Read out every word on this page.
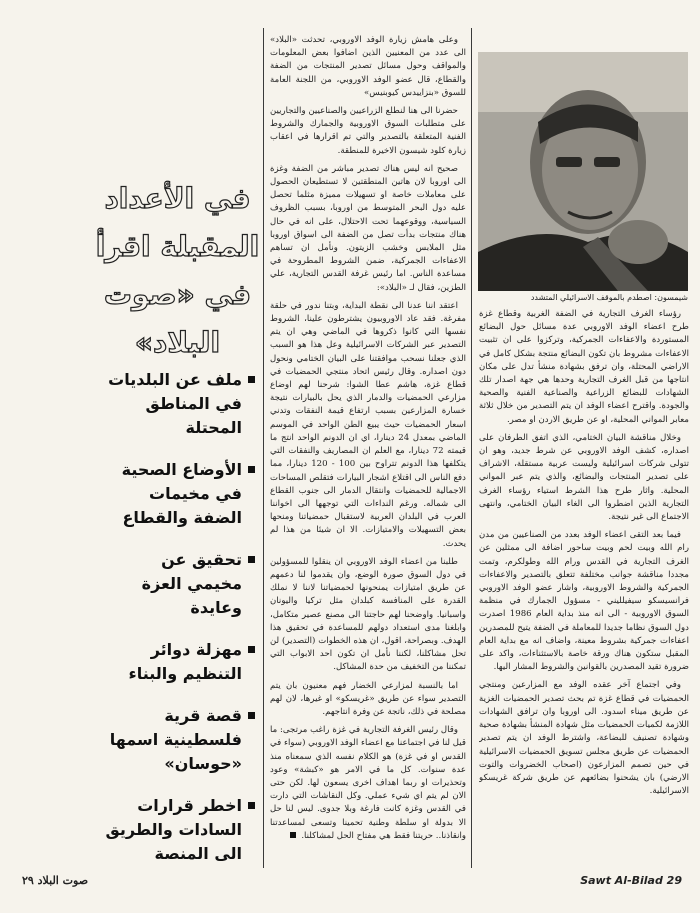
شيمسون: اصطدم بالموقف الاسرائيلي المتشدد

رؤساء الغرف التجارية في الضفة الغربية وقطاع غزة طرح اعضاء الوفد الاوروبي عدة مسائل حول البضائع المستوردة والاعفاءات الجمركية، وتركزوا على ان تثبيت الاعفاءات مشروط بان تكون البضائع منتجة بشكل كامل في الاراضي المحتلة، وان ترفق بشهادة منشأ تدل على مكان انتاجها من قبل الغرف التجارية وحدها هي جهة اصدار تلك الشهادات للبضائع الزراعية والصناعية الفنية والصحية والجودة. واقترح اعضاء الوفد ان يتم التصدير من خلال ثلاثة معابر المواني المحلية، او عن طريق الاردن او مصر.

وخلال مناقشة البيان الختامي، الذي اتفق الطرفان على اصداره، كشف الوفد الاوروبي عن شرط جديد، وهو ان تتولى شركات اسرائيلية وليست عربية مستقلة، الاشراف على تصدير المنتجات والبضائع، والذي يتم عبر المواني المحلية. واثار طرح هذا الشرط استياء رؤساء الغرف التجارية الذين اضطروا الى الغاء البيان الختامي، وانتهى الاجتماع الى غير نتيجة.

فيما بعد التقى اعضاء الوفد بعدد من الصناعيين من مدن رام الله وبيت لحم وبيت ساحور اضافة الى ممثلين عن الغرف التجارية في القدس ورام الله وطولكرم، وتمت مجددا مناقشة جوانب مختلفة تتعلق بالتصدير والاعفاءات الجمركية والشروط الاوروبية، واشار عضو الوفد الاوروبي فرانسيسكو سيفيلليني - مسؤول الجمارك في منظمة السوق الاوروبية - الى انه منذ بداية العام 1986 اصدرت دول السوق نظاما جديدا للمعاملة في الضفة يتيح للمصدرين اعفاءات جمركية بشروط معينة، واضاف انه مع بداية العام المقبل ستكون هناك ورقة خاصة بالاستثناءات، واكد على ضرورة تقيد المصدرين بالقوانين والشروط المشار اليها.

وفي اجتماع آخر عقده الوفد مع المزارعين ومنتجي الحمضيات في قطاع غزة تم بحث تصدير الحمضيات الغزية عن طريق ميناء اسدود. الى اوروبا وان ترافق الشهادات اللازمة لكميات الحمضيات مثل شهادة المنشأ بشهادة صحية وشهادة تصنيف للبضاعة، واشترط الوفد ان يتم تصدير الحمضيات عن طريق مجلس تسويق الحمضيات الاسرائيلية في حين تصمم المزارعون (اصحاب الخضروات والتوت الارضي) بان يشحنوا بضائعهم عن طريق شركة غريسكو الاسرائيلية.

وعلى هامش زيارة الوفد الاوروبي، تحدثت «البلاد» الى عدد من المعنيين الذين اضافوا بعض المعلومات والمواقف وحول مسائل تصدير المنتجات من الضفة والقطاع، قال عضو الوفد الاوروبي، من اللجنة العامة للسوق «بنزاييدس كيوبنيس»

حضرنا الى هنا لنطلع الزراعيين والصناعيين والتجاريين على متطلبات السوق الاوروبية والجمارك والشروط الفنية المتعلقة بالتصدير والتي تم اقرارها في اعقاب زيارة كلود شيسون الاخيرة للمنطقة.

صحيح انه ليس هناك تصدير مباشر من الضفة وغزة الى اوروبا لان هاتين المنطقتين لا تستطيعان الحصول على معاملات خاصة او تسهيلات مميزة مثلما تحصل عليه دول البحر المتوسط من اوروبا، بسبب الظروف السياسية، ووقوعهما تحت الاحتلال، على انه في حال هناك منتجات بدأت تصل من الضفة الى اسواق اوروبا مثل الملابس وخشب الزيتون. ونأمل ان تساهم الاعفاءات الجمركية، ضمن الشروط المطروحة في مساعدة الناس. اما رئيس غرفة القدس التجارية، علي الطزين، فقال لـ «البلاد»:

اعتقد اننا عدنا الى نقطة البداية، وبتنا ندور في حلقة مفرغة. فقد عاد الاوروبيون يشترطون علينا، الشروط نفسها التي كانوا ذكروها في الماضي وهي ان يتم التصدير عبر الشركات الاسرائيلية وعل هذا هو السبب الذي جعلنا نسحب موافقتنا على البيان الختامي ونحول دون اصداره. وقال رئيس اتحاد منتجي الحمضيات في قطاع غزة، هاشم عطا الشوا: شرحنا لهم اوضاع مزارعي الحمضيات والدمار الذي يحل بالبيارات نتيجة خسارة المزارعين بسبب ارتفاع قيمة النفقات وتدني اسعار الحمضيات حيث يبيع الطن الواحد في الموسم الماضي بمعدل 24 دينارا، اي ان الدونم الواحد انتج ما قيمته 72 دينارا، مع العلم ان المصاريف والنفقات التي يتكلفها هذا الدونم تتراوح بين 100 - 120 دينارا، مما دفع الناس الى اقتلاع اشجار البيارات فتقلص المساحات الاجمالية للحمضيات وانتقال الدمار الى جنوب القطاع الى شماله. ورغم النداءات التي توجهها الى اخواننا العرب في البلدان العربية لاستقبال حمضياتنا ومنحها بعض التسهيلات والامتيازات. الا ان شيئا من هذا لم يحدث.

طلبنا من اعضاء الوفد الاوروبي ان ينقلوا للمسؤولين في دول السوق صورة الوضع، وان يقدموا لنا دعمهم عن طريق امتيازات يمنحونها لحمضياتنا لاننا لا نملك القدرة على المنافسة كبلدان مثل تركيا واليونان واسبانيا. واوضحنا لهم حاجتنا الى مصنع عصير متكامل، وابلغنا مدى استعداد دولهم للمساعدة في تحقيق هذا الهدف. وبصراحة، اقول، ان هذه الخطوات (التصدير) لن تحل مشاكلنا، لكننا نأمل ان تكون احد الابواب التي تمكننا من التخفيف من حدة المشاكل.

اما بالنسبة لمزارعي الخضار فهم معنيون بان يتم التصدير سواء عن طريق «غريسكو» او غيرها، لان لهم مصلحة في ذلك، ناتجة عن وفرة انتاجهم.

وقال رئيس الغرفة التجارية في غزة راغب مرتجى: ما قيل لنا في اجتماعنا مع اعضاء الوفد الاوروبي (سواء في القدس او في غزة) هو الكلام نفسه الذي سمعناه منذ عدة سنوات. كل ما في الامر هو «كبشة» وعود وتحذيرات او ربما اهداف اخرى يسعون لها. لكن حتى الان لم يتم اي شيء عملي. وكل النقاشات التي دارت في القدس وغزة كانت فارغة وبلا جدوى. ليس لنا حل الا بدولة او سلطة وطنية تحمينا وتسعى لمساعدتنا وانقاذنا.. حريتنا فقط هي مفتاح الحل لمشاكلنا.

في الأعداد المقبلة اقرأ في «صوت البلاد»
ملف عن البلديات في المناطق المحتلة
الأوضاع الصحية في مخيمات الضفة والقطاع
تحقيق عن مخيمي العزة وعايدة
مهزلة دوائر التنظيم والبناء
قصة قرية فلسطينية اسمها «حوسان»
اخطر قرارات السادات والطريق الى المنصة
صوت البلاد ٢٩	Sawt Al-Bilad 29
